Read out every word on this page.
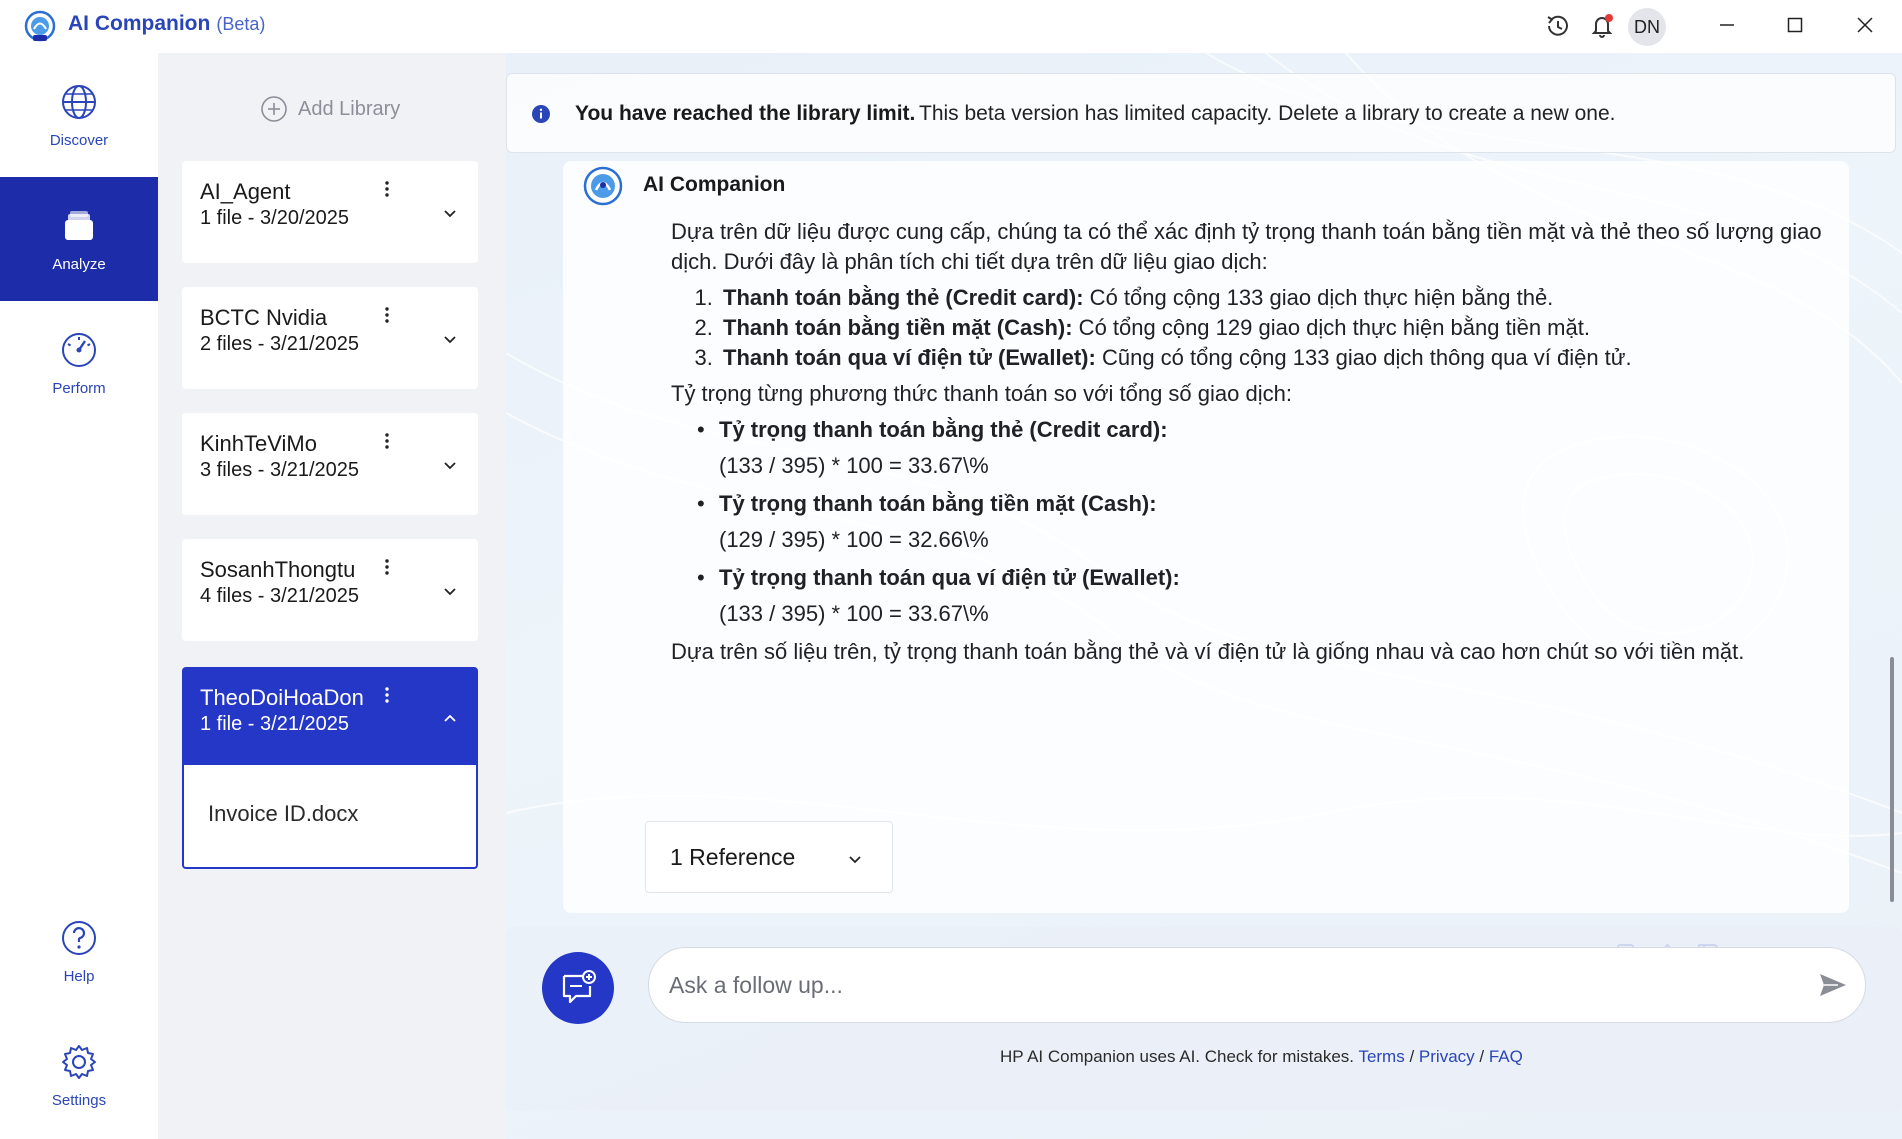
AI Companion (Beta)	DN
Discover
Analyze
Perform
Help
Settings
Add Library
AI_Agent
1 file - 3/20/2025
BCTC Nvidia
2 files - 3/21/2025
KinhTeViMo
3 files - 3/21/2025
SosanhThongtu
4 files - 3/21/2025
TheoDoiHoaDon
1 file - 3/21/2025
Invoice ID.docx
You have reached the library limit. This beta version has limited capacity. Delete a library to create a new one.
AI Companion

Dựa trên dữ liệu được cung cấp, chúng ta có thể xác định tỷ trọng thanh toán bằng tiền mặt và thẻ theo số lượng giao dịch. Dưới đây là phân tích chi tiết dựa trên dữ liệu giao dịch:

1. Thanh toán bằng thẻ (Credit card): Có tổng cộng 133 giao dịch thực hiện bằng thẻ.
2. Thanh toán bằng tiền mặt (Cash): Có tổng cộng 129 giao dịch thực hiện bằng tiền mặt.
3. Thanh toán qua ví điện tử (Ewallet): Cũng có tổng cộng 133 giao dịch thông qua ví điện tử.

Tỷ trọng từng phương thức thanh toán so với tổng số giao dịch:

• Tỷ trọng thanh toán bằng thẻ (Credit card):
(133 / 395) * 100 = 33.67\%
• Tỷ trọng thanh toán bằng tiền mặt (Cash):
(129 / 395) * 100 = 32.66\%
• Tỷ trọng thanh toán qua ví điện tử (Ewallet):
(133 / 395) * 100 = 33.67\%

Dựa trên số liệu trên, tỷ trọng thanh toán bằng thẻ và ví điện tử là giống nhau và cao hơn chút so với tiền mặt.

1 Reference
Ask a follow up...
HP AI Companion uses AI. Check for mistakes. Terms / Privacy / FAQ
